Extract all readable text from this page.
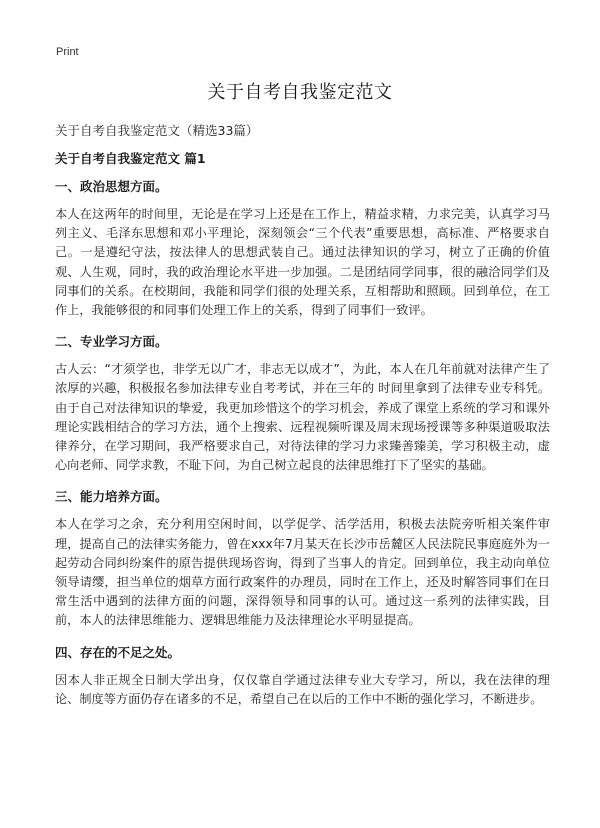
Print
关于自考自我鉴定范文
关于自考自我鉴定范文（精选33篇）
关于自考自我鉴定范文 篇1
一、政治思想方面。

本人在这两年的时间里，无论是在学习上还是在工作上，精益求精，力求完美，认真学习马列主义、毛泽东思想和邓小平理论，深刻领会“三个代表”重要思想，高标准、严格要求自己。一是遵纪守法，按法律人的思想武装自己。通过法律知识的学习，树立了正确的价值观、人生观，同时，我的政治理论水平进一步加强。二是团结同学同事，很的融洽同学们及同事们的关系。在校期间，我能和同学们很的处理关系，互相帮助和照顾。回到单位，在工作上，我能够很的和同事们处理工作上的关系，得到了同事们一致评。

二、专业学习方面。

古人云：“才须学也，非学无以广才，非志无以成才”，为此，本人在几年前就对法律产生了浓厚的兴趣，积极报名参加法律专业自考考试，并在三年的 时间里拿到了法律专业专科凭。由于自己对法律知识的挚爱，我更加珍惜这个的学习机会，养成了课堂上系统的学习和课外理论实践相结合的学习方法，通个上搜索、远程视频听课及周末现场授课等多种渠道吸取法律养分，在学习期间，我严格要求自己，对待法律的学习力求臻善臻美，学习积极主动，虚心向老师、同学求教，不耻下问，为自己树立起良的法律思维打下了坚实的基础。

三、能力培养方面。

本人在学习之余，充分利用空闲时间，以学促学、活学活用，积极去法院旁听相关案件审理，提高自己的法律实务能力，曾在xxx年7月某天在长沙市岳麓区人民法院民事庭庭外为一起劳动合同纠纷案件的原告提供现场咨询，得到了当事人的肯定。回到单位，我主动向单位领导请缨，担当单位的烟草方面行政案件的办理员，同时在工作上，还及时解答同事们在日常生活中遇到的法律方面的问题，深得领导和同事的认可。通过这一系列的法律实践，目前，本人的法律思维能力、逻辑思维能力及法律理论水平明显提高。

四、存在的不足之处。

因本人非正规全日制大学出身，仅仅靠自学通过法律专业大专学习，所以，我在法律的理论、制度等方面仍存在诸多的不足，希望自己在以后的工作中不断的强化学习，不断进步。
